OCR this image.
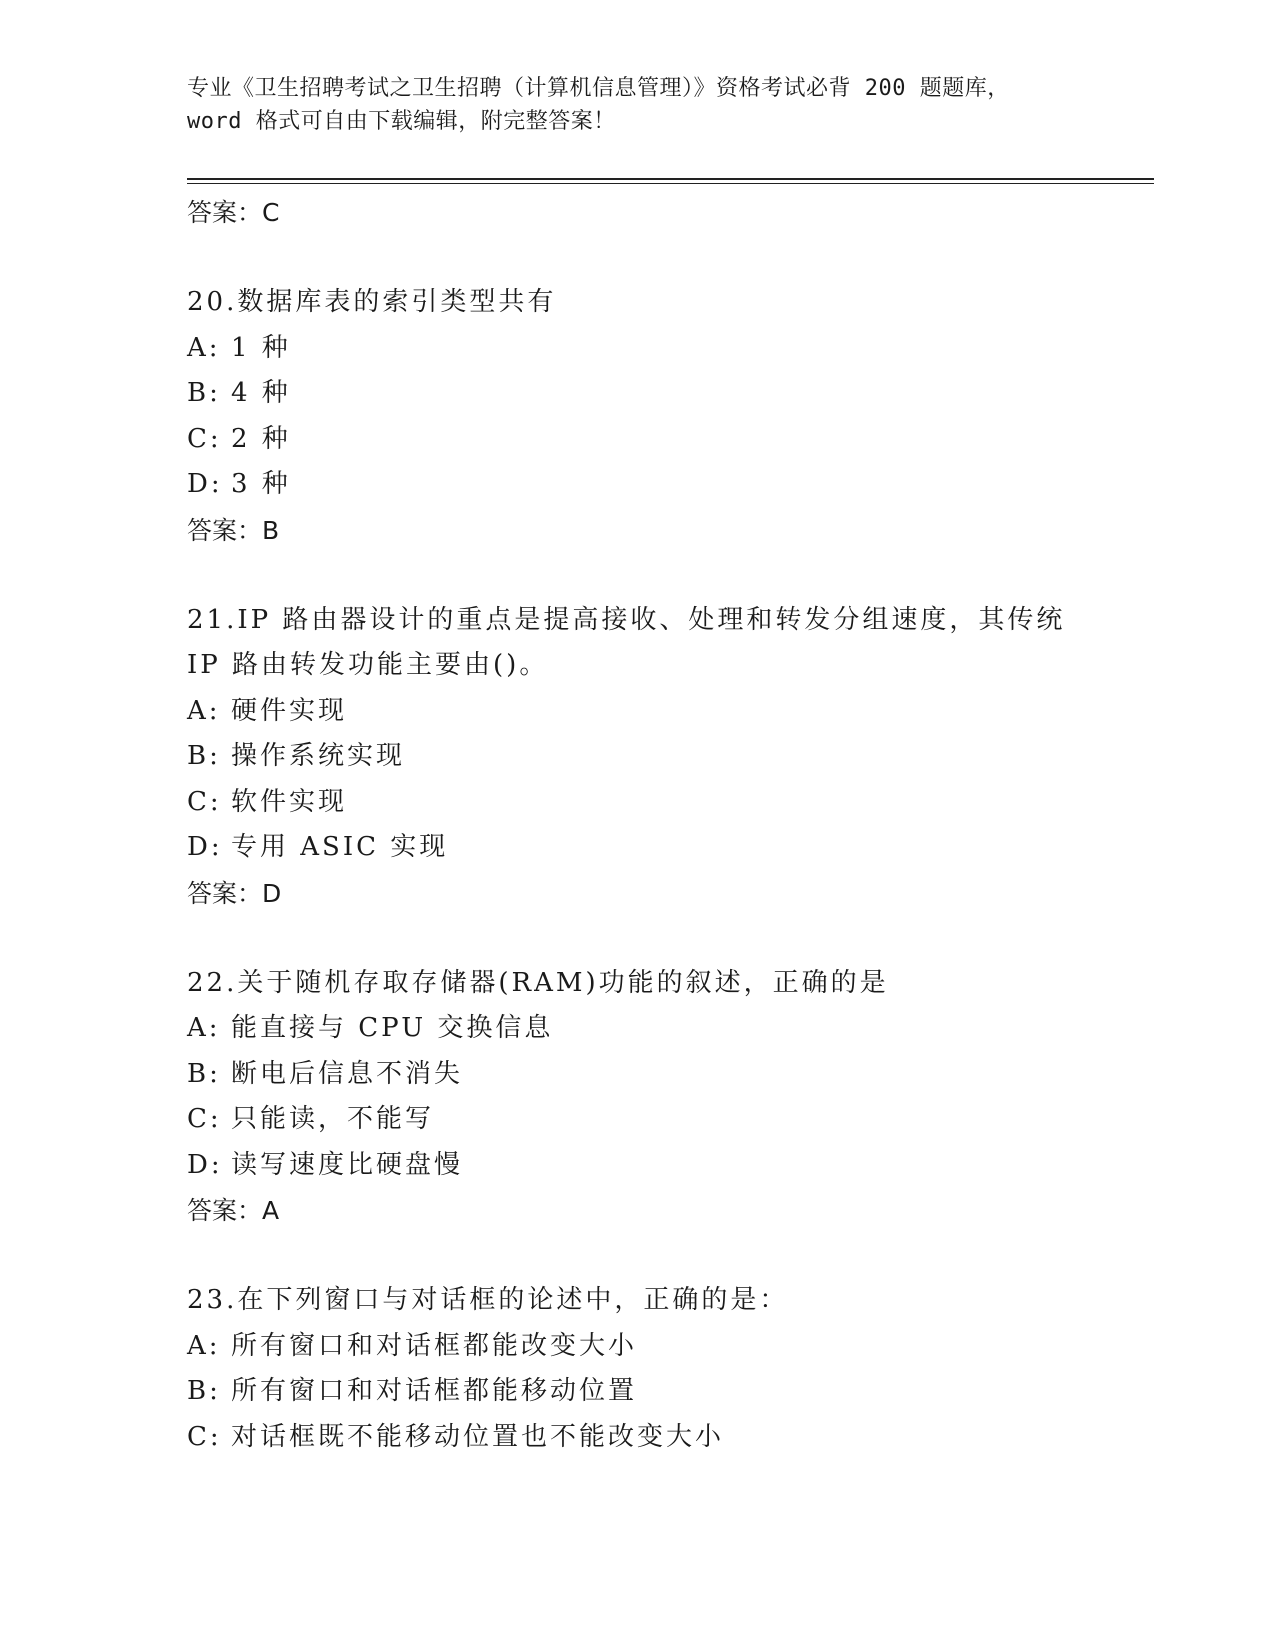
专业《卫生招聘考试之卫生招聘（计算机信息管理）》资格考试必背 200 题题库，
word 格式可自由下载编辑，附完整答案！
答案：C
20.数据库表的索引类型共有
A: 1 种
B: 4 种
C: 2 种
D: 3 种
答案：B
21.IP 路由器设计的重点是提高接收、处理和转发分组速度，其传统
IP 路由转发功能主要由()。
A: 硬件实现
B: 操作系统实现
C: 软件实现
D: 专用 ASIC 实现
答案：D
22.关于随机存取存储器(RAM)功能的叙述，正确的是
A: 能直接与 CPU 交换信息
B: 断电后信息不消失
C: 只能读，不能写
D: 读写速度比硬盘慢
答案：A
23.在下列窗口与对话框的论述中，正确的是：
A: 所有窗口和对话框都能改变大小
B: 所有窗口和对话框都能移动位置
C: 对话框既不能移动位置也不能改变大小
